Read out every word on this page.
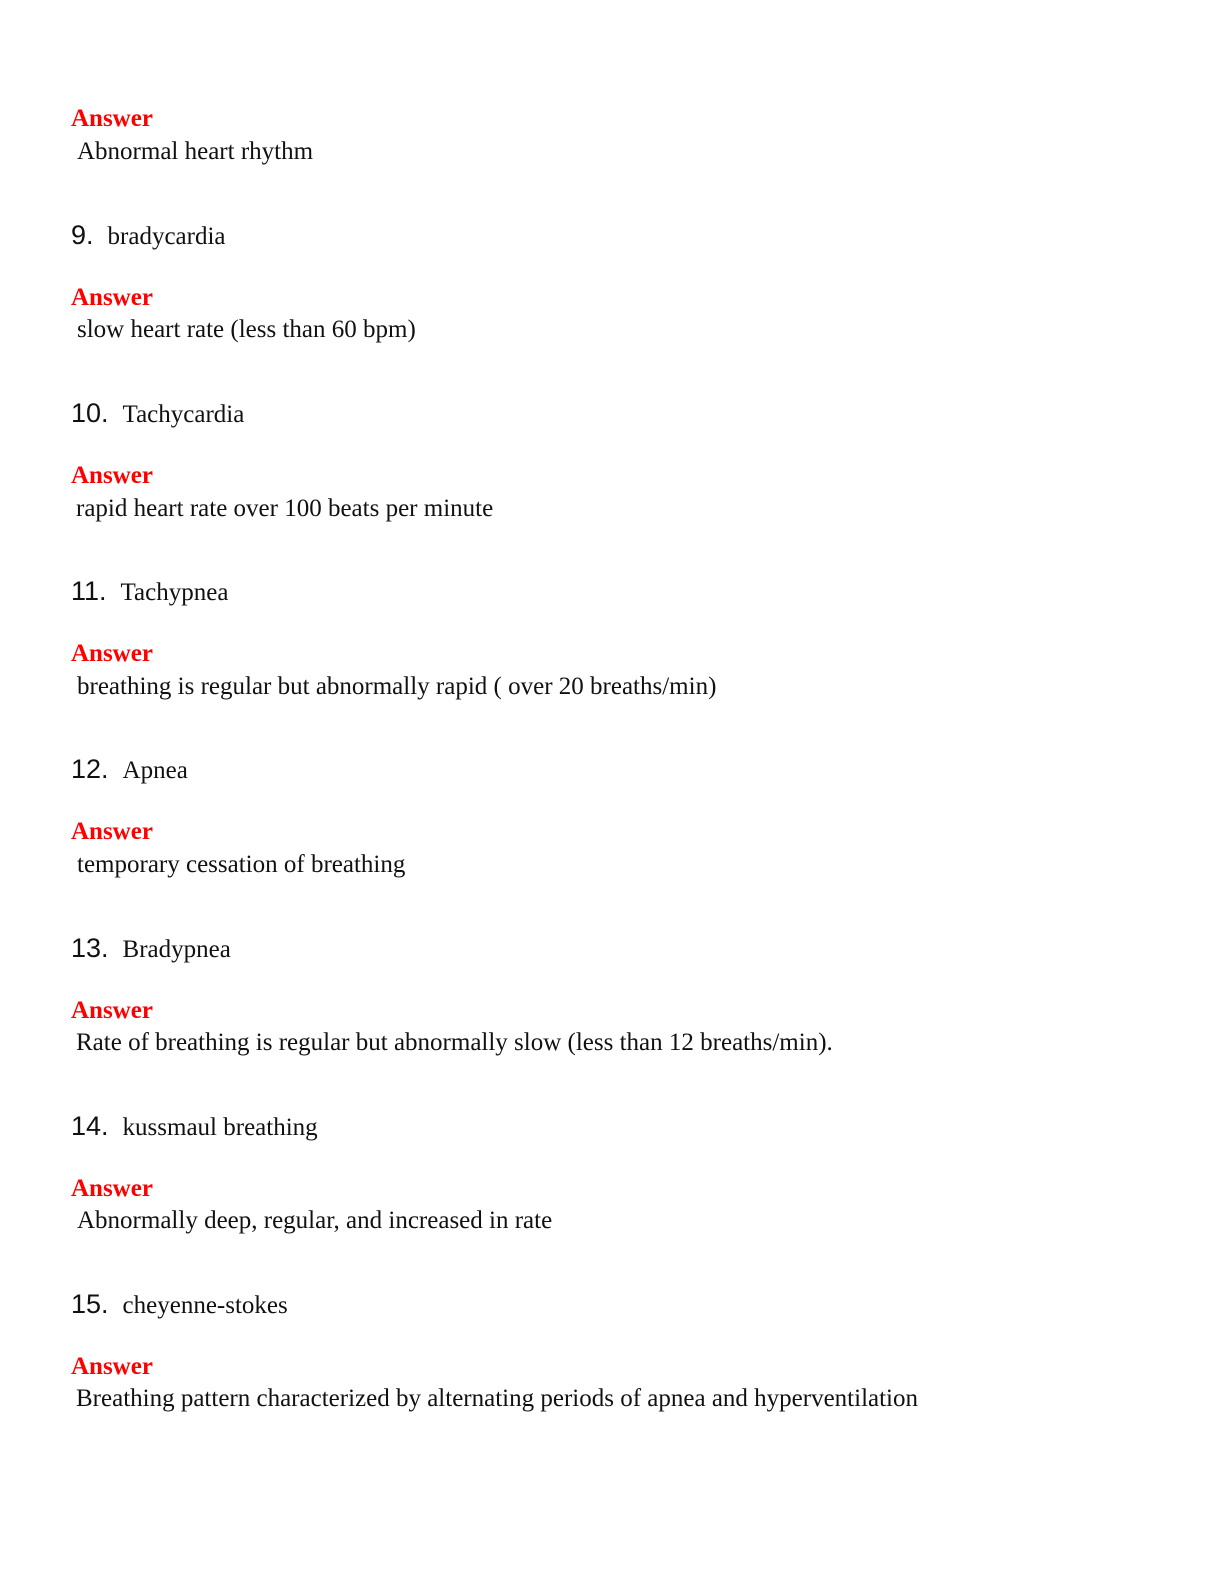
Answer
Abnormal heart rhythm
9. bradycardia
Answer
slow heart rate (less than 60 bpm)
10. Tachycardia
Answer
rapid heart rate over 100 beats per minute
11. Tachypnea
Answer
breathing is regular but abnormally rapid ( over 20 breaths/min)
12. Apnea
Answer
temporary cessation of breathing
13. Bradypnea
Answer
Rate of breathing is regular but abnormally slow (less than 12 breaths/min).
14. kussmaul breathing
Answer
Abnormally deep, regular, and increased in rate
15. cheyenne-stokes
Answer
Breathing pattern characterized by alternating periods of apnea and hyperventilation
